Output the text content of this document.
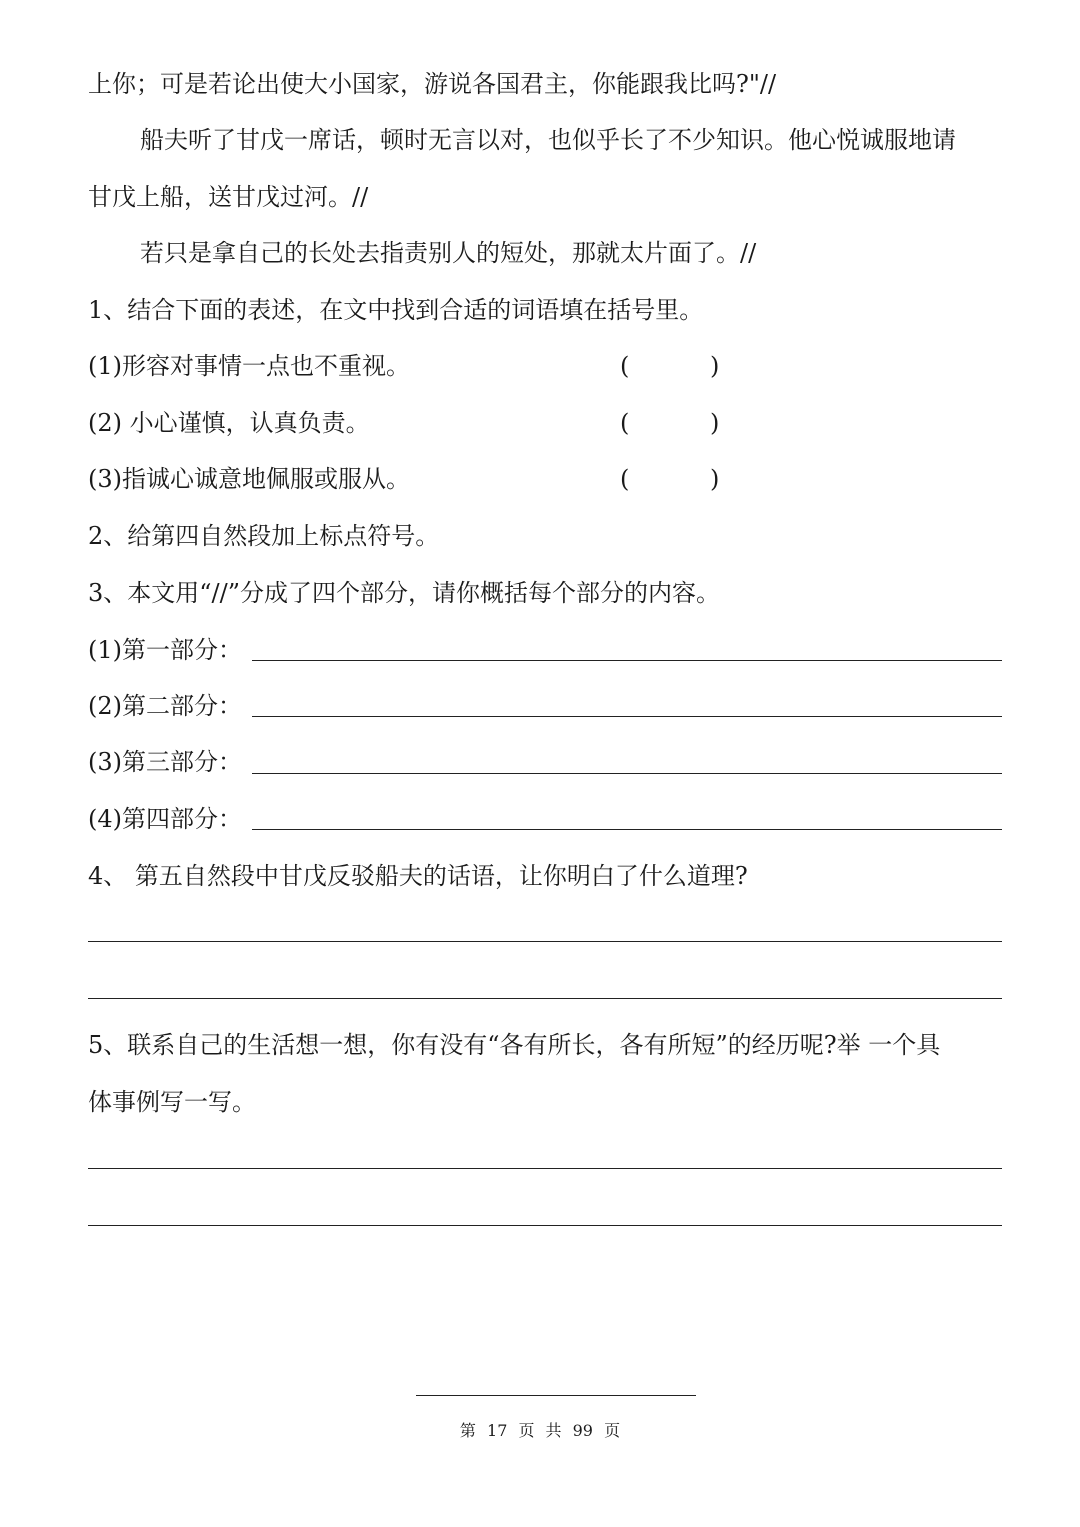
上你；可是若论出使大小国家，游说各国君主，你能跟我比吗?"//
船夫听了甘戊一席话，顿时无言以对，也似乎长了不少知识。他心悦诚服地请
甘戊上船，送甘戊过河。//
若只是拿自己的长处去指责别人的短处，那就太片面了。//
1、结合下面的表述，在文中找到合适的词语填在括号里。
(1)形容对事情一点也不重视。	(	)
(2) 小心谨慎，认真负责。	(	)
(3)指诚心诚意地佩服或服从。	(	)
2、给第四自然段加上标点符号。
3、本文用“//”分成了四个部分，请你概括每个部分的内容。
(1)第一部分：
(2)第二部分：
(3)第三部分：
(4)第四部分：
4、 第五自然段中甘戊反驳船夫的话语，让你明白了什么道理?
5、联系自己的生活想一想，你有没有“各有所长，各有所短”的经历呢?举 一个具
体事例写一写。
第 17 页 共 99 页
